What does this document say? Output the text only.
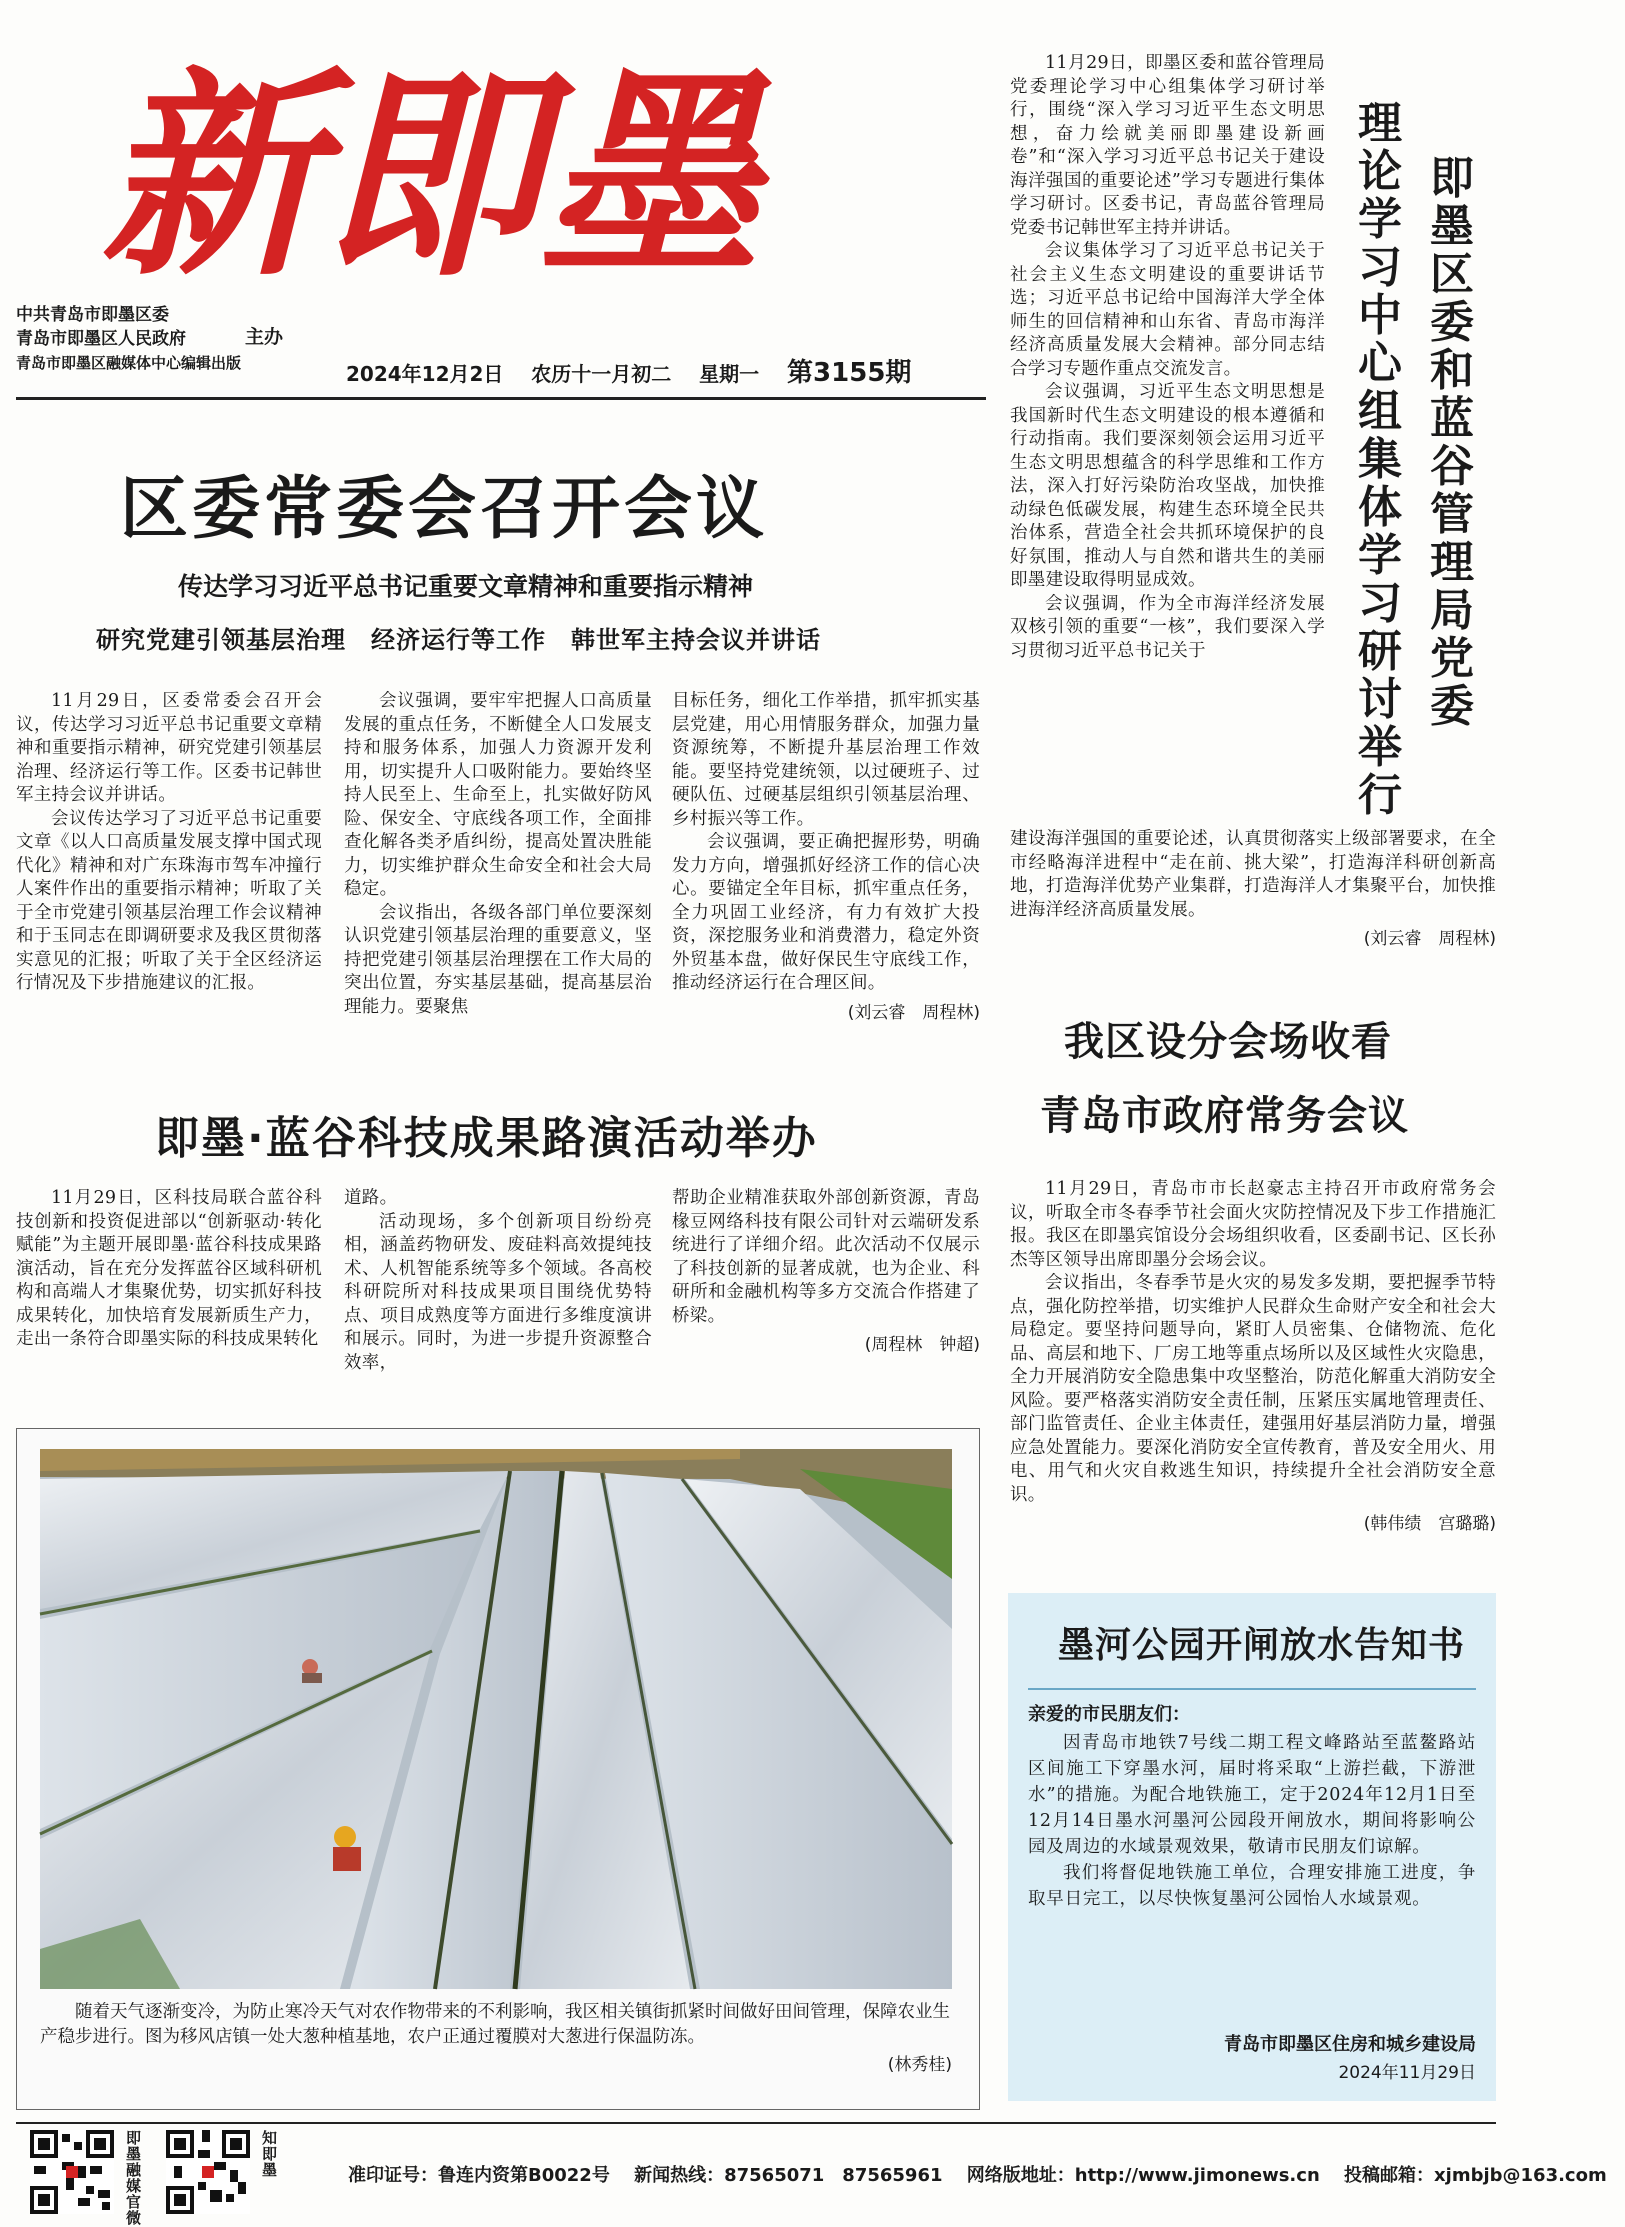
新即墨
中共青岛市即墨区委
青岛市即墨区人民政府
青岛市即墨区融媒体中心编辑出版
主办
2024年12月2日 农历十一月初二 星期一 第3155期
区委常委会召开会议
传达学习习近平总书记重要文章精神和重要指示精神
研究党建引领基层治理　经济运行等工作　韩世军主持会议并讲话

11月29日，区委常委会召开会议，传达学习习近平总书记重要文章精神和重要指示精神，研究党建引领基层治理、经济运行等工作。区委书记韩世军主持会议并讲话。

会议传达学习了习近平总书记重要文章《以人口高质量发展支撑中国式现代化》精神和对广东珠海市驾车冲撞行人案件作出的重要指示精神；听取了关于全市党建引领基层治理工作会议精神和于玉同志在即调研要求及我区贯彻落实意见的汇报；听取了关于全区经济运行情况及下步措施建议的汇报。

会议强调，要牢牢把握人口高质量发展的重点任务，不断健全人口发展支持和服务体系，加强人力资源开发利用，切实提升人口吸附能力。要始终坚持人民至上、生命至上，扎实做好防风险、保安全、守底线各项工作，全面排查化解各类矛盾纠纷，提高处置决胜能力，切实维护群众生命安全和社会大局稳定。

会议指出，各级各部门单位要深刻认识党建引领基层治理的重要意义，坚持把党建引领基层治理摆在工作大局的突出位置，夯实基层基础，提高基层治理能力。要聚焦

目标任务，细化工作举措，抓牢抓实基层党建，用心用情服务群众，加强力量资源统筹，不断提升基层治理工作效能。要坚持党建统领，以过硬班子、过硬队伍、过硬基层组织引领基层治理、乡村振兴等工作。

会议强调，要正确把握形势，明确发力方向，增强抓好经济工作的信心决心。要锚定全年目标，抓牢重点任务，全力巩固工业经济，有力有效扩大投资，深挖服务业和消费潜力，稳定外资外贸基本盘，做好保民生守底线工作，推动经济运行在合理区间。

(刘云睿　周程林)

即墨·蓝谷科技成果路演活动举办

11月29日，区科技局联合蓝谷科技创新和投资促进部以“创新驱动·转化赋能”为主题开展即墨·蓝谷科技成果路演活动，旨在充分发挥蓝谷区域科研机构和高端人才集聚优势，切实抓好科技成果转化，加快培育发展新质生产力，走出一条符合即墨实际的科技成果转化

道路。

活动现场，多个创新项目纷纷亮相，涵盖药物研发、废硅料高效提纯技术、人机智能系统等多个领域。各高校科研院所对科技成果项目围绕优势特点、项目成熟度等方面进行多维度演讲和展示。同时，为进一步提升资源整合效率，

帮助企业精准获取外部创新资源，青岛椽豆网络科技有限公司针对云端研发系统进行了详细介绍。此次活动不仅展示了科技创新的显著成就，也为企业、科研所和金融机构等多方交流合作搭建了桥梁。

(周程林　钟超)

随着天气逐渐变冷，为防止寒冷天气对农作物带来的不利影响，我区相关镇街抓紧时间做好田间管理，保障农业生产稳步进行。图为移风店镇一处大葱种植基地，农户正通过覆膜对大葱进行保温防冻。
(林秀桂)

11月29日，即墨区委和蓝谷管理局党委理论学习中心组集体学习研讨举行，围绕“深入学习习近平生态文明思想，奋力绘就美丽即墨建设新画卷”和“深入学习习近平总书记关于建设海洋强国的重要论述”学习专题进行集体学习研讨。区委书记，青岛蓝谷管理局党委书记韩世军主持并讲话。

会议集体学习了习近平总书记关于社会主义生态文明建设的重要讲话节选；习近平总书记给中国海洋大学全体师生的回信精神和山东省、青岛市海洋经济高质量发展大会精神。部分同志结合学习专题作重点交流发言。

会议强调，习近平生态文明思想是我国新时代生态文明建设的根本遵循和行动指南。我们要深刻领会运用习近平生态文明思想蕴含的科学思维和工作方法，深入打好污染防治攻坚战，加快推动绿色低碳发展，构建生态环境全民共治体系，营造全社会共抓环境保护的良好氛围，推动人与自然和谐共生的美丽即墨建设取得明显成效。

会议强调，作为全市海洋经济发展双核引领的重要“一核”，我们要深入学习贯彻习近平总书记关于

即墨区委和蓝谷管理局党委
理论学习中心组集体学习研讨举行

建设海洋强国的重要论述，认真贯彻落实上级部署要求，在全市经略海洋进程中“走在前、挑大梁”，打造海洋科研创新高地，打造海洋优势产业集群，打造海洋人才集聚平台，加快推进海洋经济高质量发展。

(刘云睿　周程林)

我区设分会场收看
青岛市政府常务会议

11月29日，青岛市市长赵豪志主持召开市政府常务会议，听取全市冬春季节社会面火灾防控情况及下步工作措施汇报。我区在即墨宾馆设分会场组织收看，区委副书记、区长孙杰等区领导出席即墨分会场会议。

会议指出，冬春季节是火灾的易发多发期，要把握季节特点，强化防控举措，切实维护人民群众生命财产安全和社会大局稳定。要坚持问题导向，紧盯人员密集、仓储物流、危化品、高层和地下、厂房工地等重点场所以及区域性火灾隐患，全力开展消防安全隐患集中攻坚整治，防范化解重大消防安全风险。要严格落实消防安全责任制，压紧压实属地管理责任、部门监管责任、企业主体责任，建强用好基层消防力量，增强应急处置能力。要深化消防安全宣传教育，普及安全用火、用电、用气和火灾自救逃生知识，持续提升全社会消防安全意识。

(韩伟绩　宫璐璐)

墨河公园开闸放水告知书
亲爱的市民朋友们：

因青岛市地铁7号线二期工程文峰路站至蓝鳌路站区间施工下穿墨水河，届时将采取“上游拦截，下游泄水”的措施。为配合地铁施工，定于2024年12月1日至12月14日墨水河墨河公园段开闸放水，期间将影响公园及周边的水域景观效果，敬请市民朋友们谅解。

我们将督促地铁施工单位，合理安排施工进度，争取早日完工，以尽快恢复墨河公园怡人水域景观。

青岛市即墨区住房和城乡建设局
2024年11月29日
即墨融媒官微
知即墨	准印证号：鲁连内资第B0022号 新闻热线：87565071　87565961 网络版地址：http://www.jimonews.cn 投稿邮箱：xjmbjb@163.com
